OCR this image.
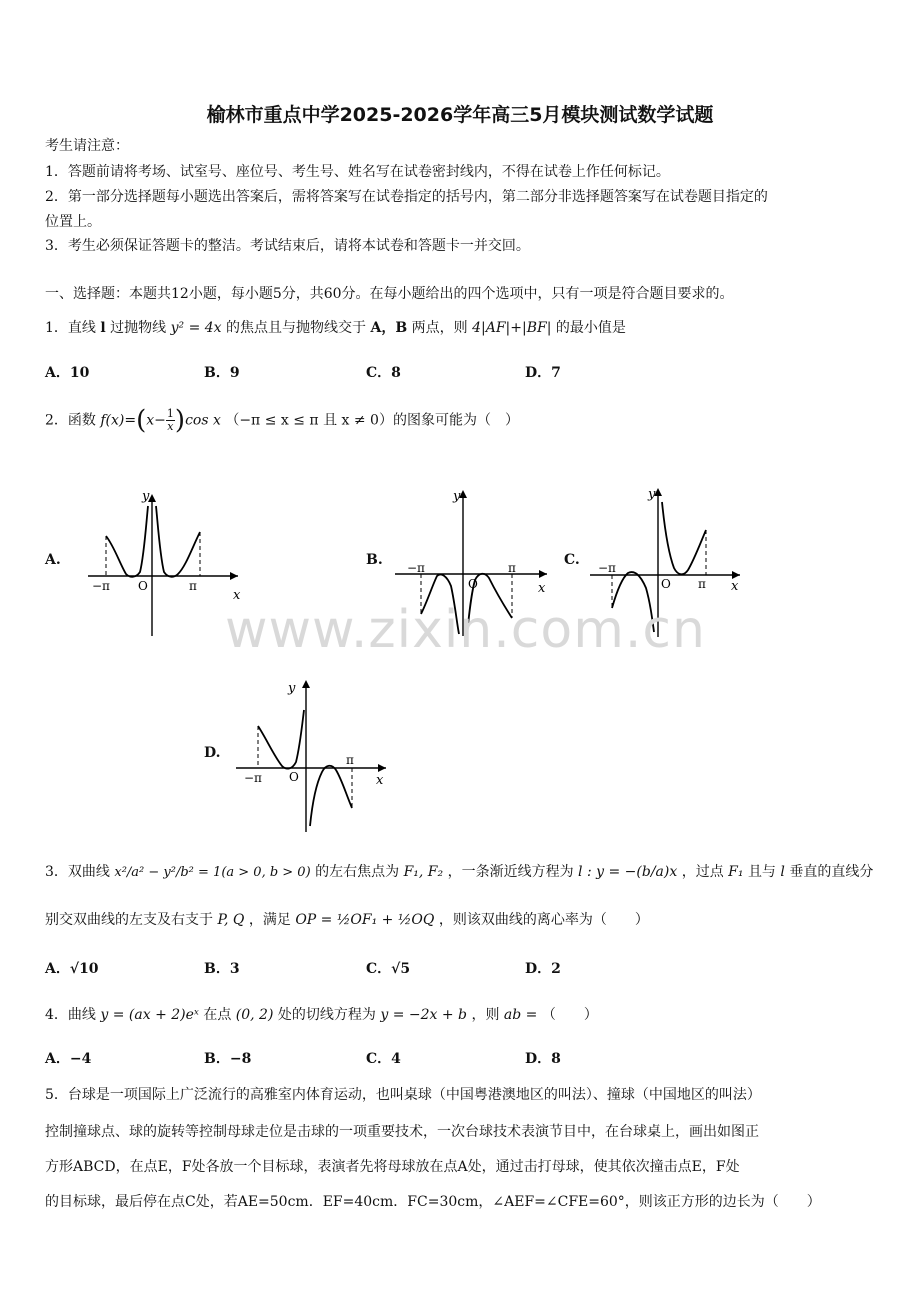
榆林市重点中学2025-2026学年高三5月模块测试数学试题
考生请注意：
1．答题前请将考场、试室号、座位号、考生号、姓名写在试卷密封线内，不得在试卷上作任何标记。
2．第一部分选择题每小题选出答案后，需将答案写在试卷指定的括号内，第二部分非选择题答案写在试卷题目指定的
位置上。
3．考生必须保证答题卡的整洁。考试结束后，请将本试卷和答题卡一并交回。
一、选择题：本题共12小题，每小题5分，共60分。在每小题给出的四个选项中，只有一项是符合题目要求的。
1．直线 l 过抛物线 y² = 4x 的焦点且与抛物线交于 A，B 两点，则 4|AF|+|BF| 的最小值是
A．10	B．9	C．8	D．7
2．函数 $f(x)=(x- \frac{1}{x} )\cos$ x （−π ≤ x ≤ π 且 x ≠ 0）的图象可能为（　）
A.
y
x
O
−π	π
B.
y
x
O
−π	π	C.
y
x
O
−π
π
D.
y
x
O
−π
π
www.zixin.com.cn
3．双曲线 x²/a² − y²/b² = 1(a > 0, b > 0) 的左右焦点为 F₁, F₂ ，一条渐近线方程为 l : y = −(b/a)x ，过点 F₁ 且与 l 垂直的直线分
别交双曲线的左支及右支于 P, Q ，满足 OP = ½OF₁ + ½OQ ，则该双曲线的离心率为（　　）
A．√10	B．3	C．√5	D．2
4．曲线 y = (ax + 2)eˣ 在点 (0, 2) 处的切线方程为 y = −2x + b ，则 ab = （　　）
A．−4	B．−8	C．4	D．8
5．台球是一项国际上广泛流行的高雅室内体育运动，也叫桌球（中国粤港澳地区的叫法）、撞球（中国地区的叫法）
控制撞球点、球的旋转等控制母球走位是击球的一项重要技术，一次台球技术表演节目中，在台球桌上，画出如图正
方形ABCD，在点E，F处各放一个目标球，表演者先将母球放在点A处，通过击打母球，使其依次撞击点E，F处
的目标球，最后停在点C处，若AE=50cm．EF=40cm．FC=30cm，∠AEF=∠CFE=60°，则该正方形的边长为（　　）
